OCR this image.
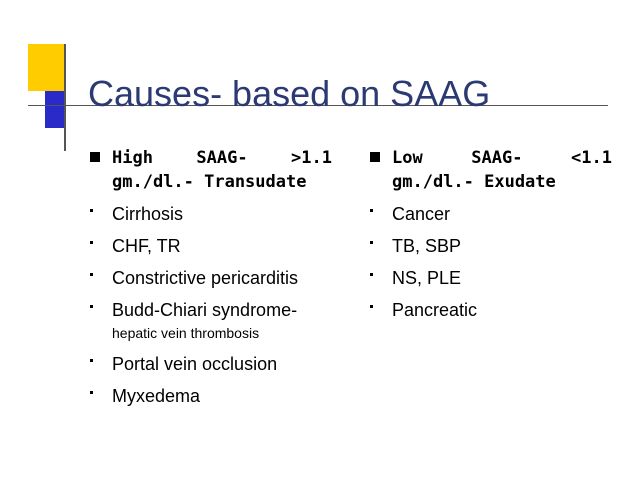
Causes- based on SAAG
High SAAG- >1.1 gm./dl.- Transudate
Cirrhosis
CHF, TR
Constrictive pericarditis
Budd-Chiari syndrome-
hepatic vein thrombosis
Portal vein occlusion
Myxedema
Low SAAG- <1.1 gm./dl.- Exudate
Cancer
TB, SBP
NS, PLE
Pancreatic
